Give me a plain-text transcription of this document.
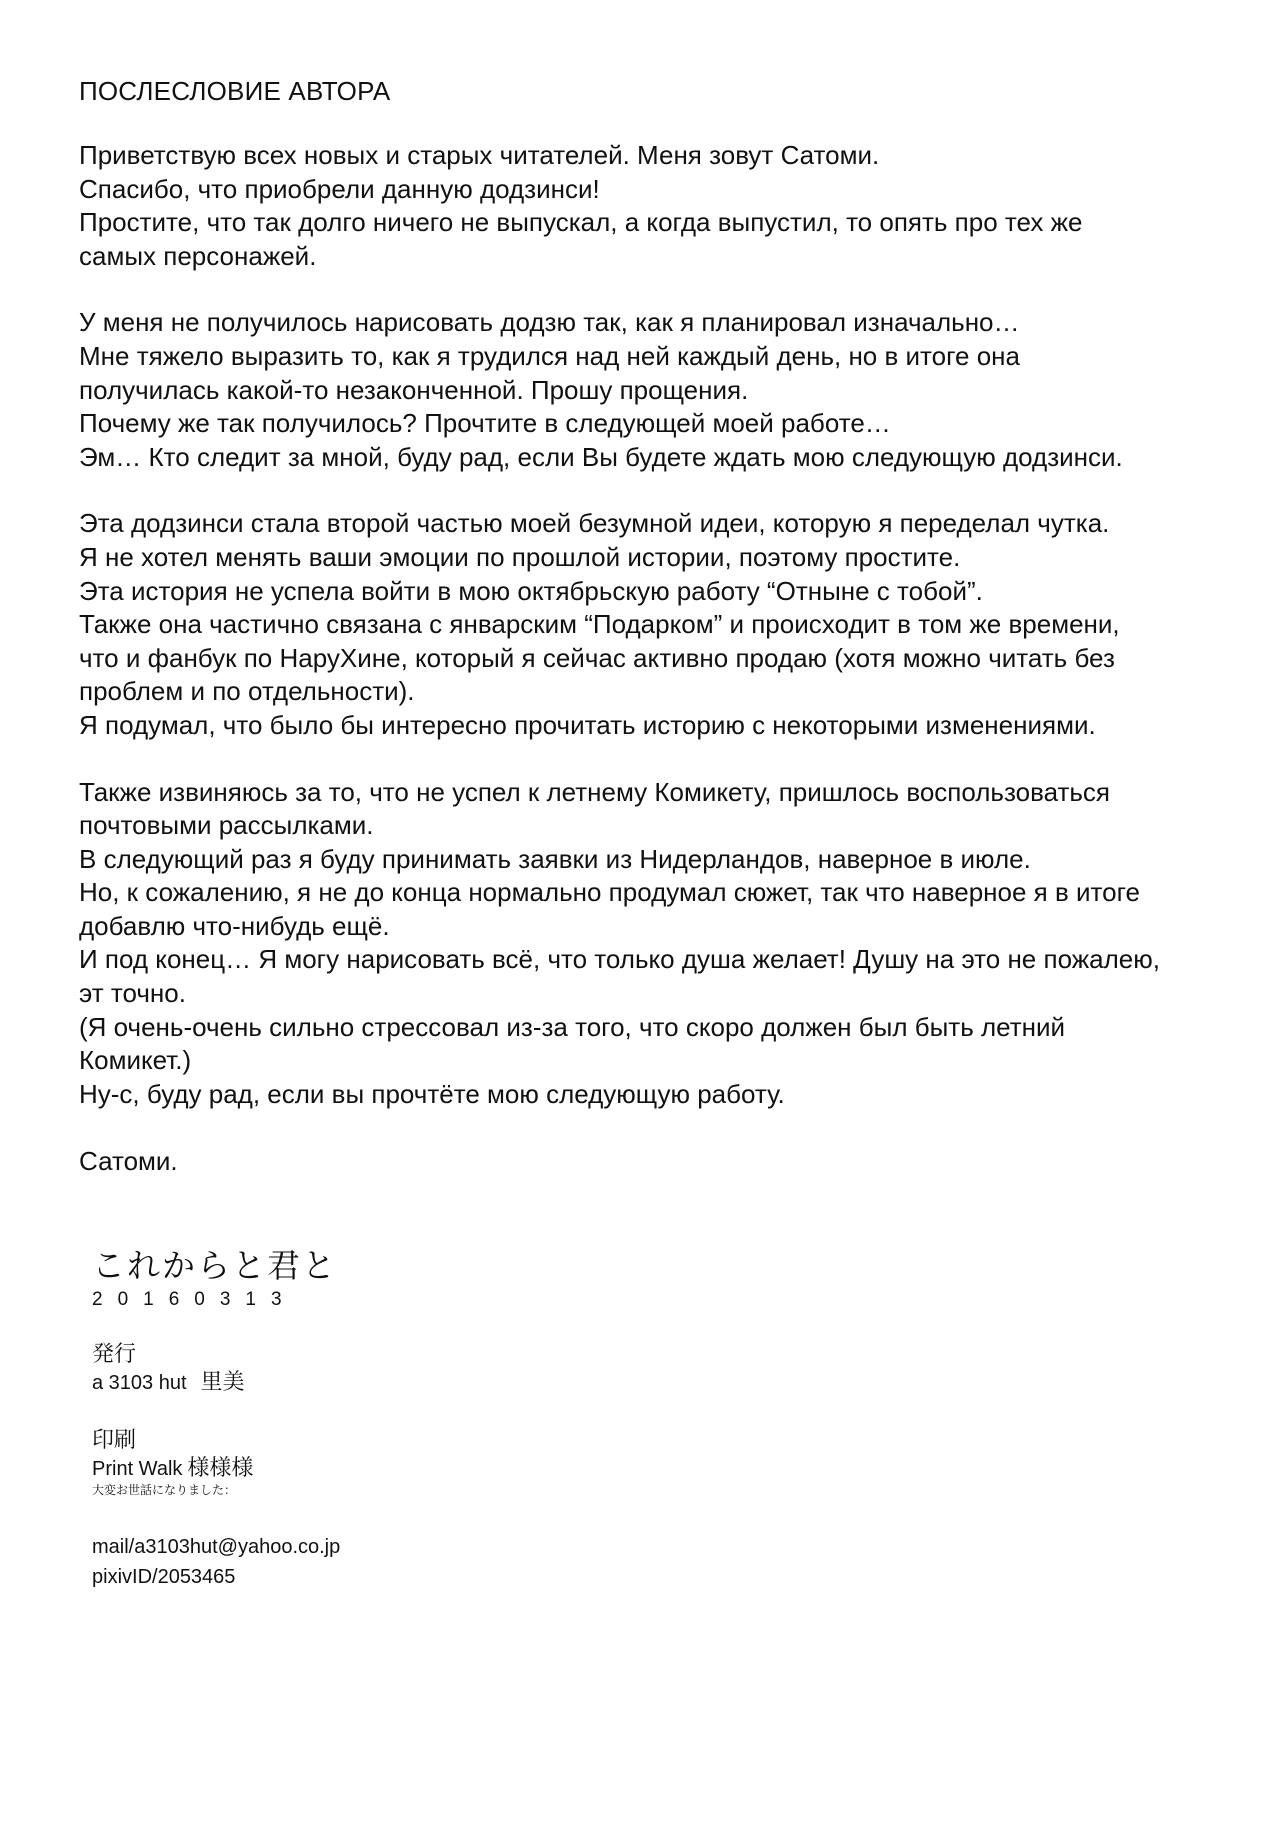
ПОСЛЕСЛОВИЕ АВТОРА
Приветствую всех новых и старых читателей. Меня зовут Сатоми.
Спасибо, что приобрели данную додзинси!
Простите, что так долго ничего не выпускал, а когда выпустил, то опять про тех же
самых персонажей.
У меня не получилось нарисовать додзю так, как я планировал изначально…
Мне тяжело выразить то, как я трудился над ней каждый день, но в итоге она
получилась какой-то незаконченной. Прошу прощения.
Почему же так получилось? Прочтите в следующей моей работе…
Эм… Кто следит за мной, буду рад, если Вы будете ждать мою следующую додзинси.
Эта додзинси стала второй частью моей безумной идеи, которую я переделал чутка.
Я не хотел менять ваши эмоции по прошлой истории, поэтому простите.
Эта история не успела войти в мою октябрьскую работу “Отныне с тобой”.
Также она частично связана с январским “Подарком” и происходит в том же времени,
что и фанбук по НаруХине, который я сейчас активно продаю (хотя можно читать без
проблем и по отдельности).
Я подумал, что было бы интересно прочитать историю с некоторыми изменениями.
Также извиняюсь за то, что не успел к летнему Комикету, пришлось воспользоваться
почтовыми рассылками.
В следующий раз я буду принимать заявки из Нидерландов, наверное в июле.
Но, к сожалению, я не до конца нормально продумал сюжет, так что наверное я в итоге
добавлю что-нибудь ещё.
И под конец… Я могу нарисовать всё, что только душа желает! Душу на это не пожалею,
эт точно.
(Я очень-очень сильно стрессовал из-за того, что скоро должен был быть летний
Комикет.)
Ну-с, буду рад, если вы прочтёте мою следующую работу.
Сатоми.
これからと君と
20160313
発行
a 3103 hut 里美
印刷
Print Walk 様様様
大変お世話になりました：
mail/a3103hut@yahoo.co.jp
pixivID/2053465
